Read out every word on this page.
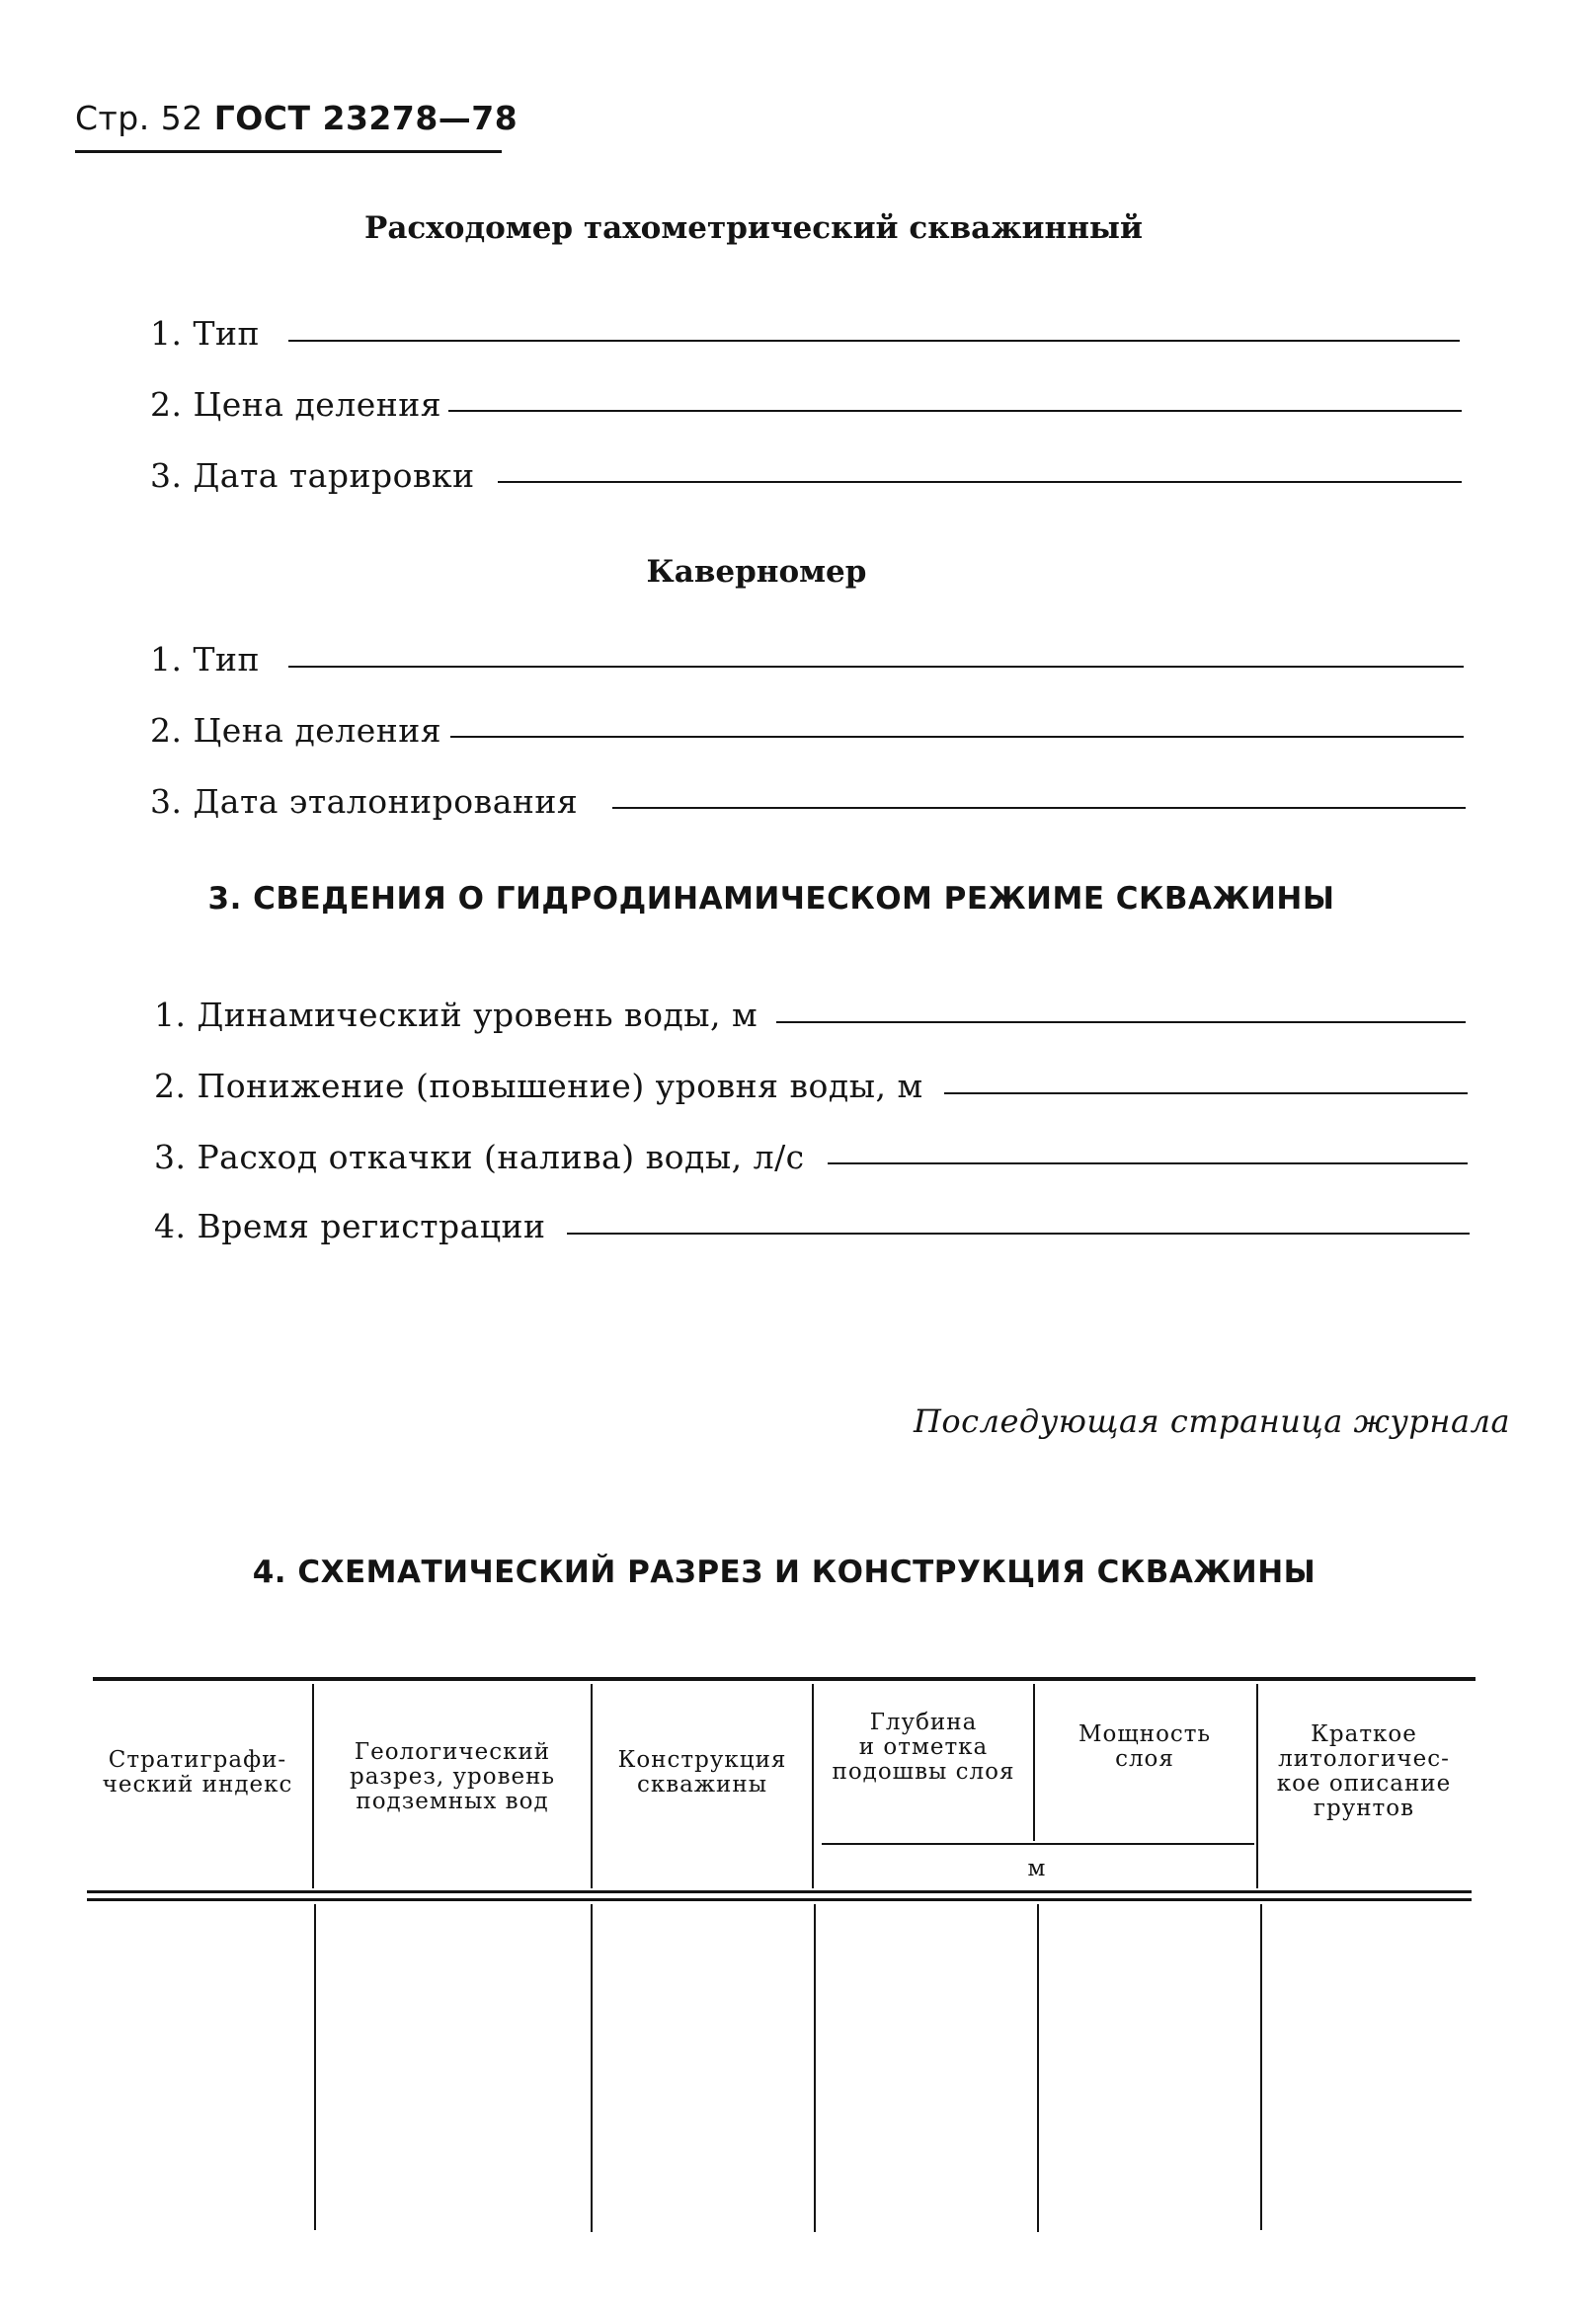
Стр. 52 ГОСТ 23278—78
Расходомер тахометрический скважинный
1. Тип
2. Цена деления
3. Дата тарировки
Каверномер
1. Тип
2. Цена деления
3. Дата эталонирования
3. СВЕДЕНИЯ О ГИДРОДИНАМИЧЕСКОМ РЕЖИМЕ СКВАЖИНЫ
1. Динамический уровень воды, м
2. Понижение (повышение) уровня воды, м
3. Расход откачки (налива) воды, л/с
4. Время регистрации
Последующая страница журнала
4. СХЕМАТИЧЕСКИЙ РАЗРЕЗ И КОНСТРУКЦИЯ СКВАЖИНЫ
Стратиграфи-
ческий индекс
Геологический
разрез, уровень
подземных вод
Конструкция
скважины
Глубина
и отметка
подошвы слоя
Мощность
слоя
Краткое
литологичес-
кое описание
грунтов
м
